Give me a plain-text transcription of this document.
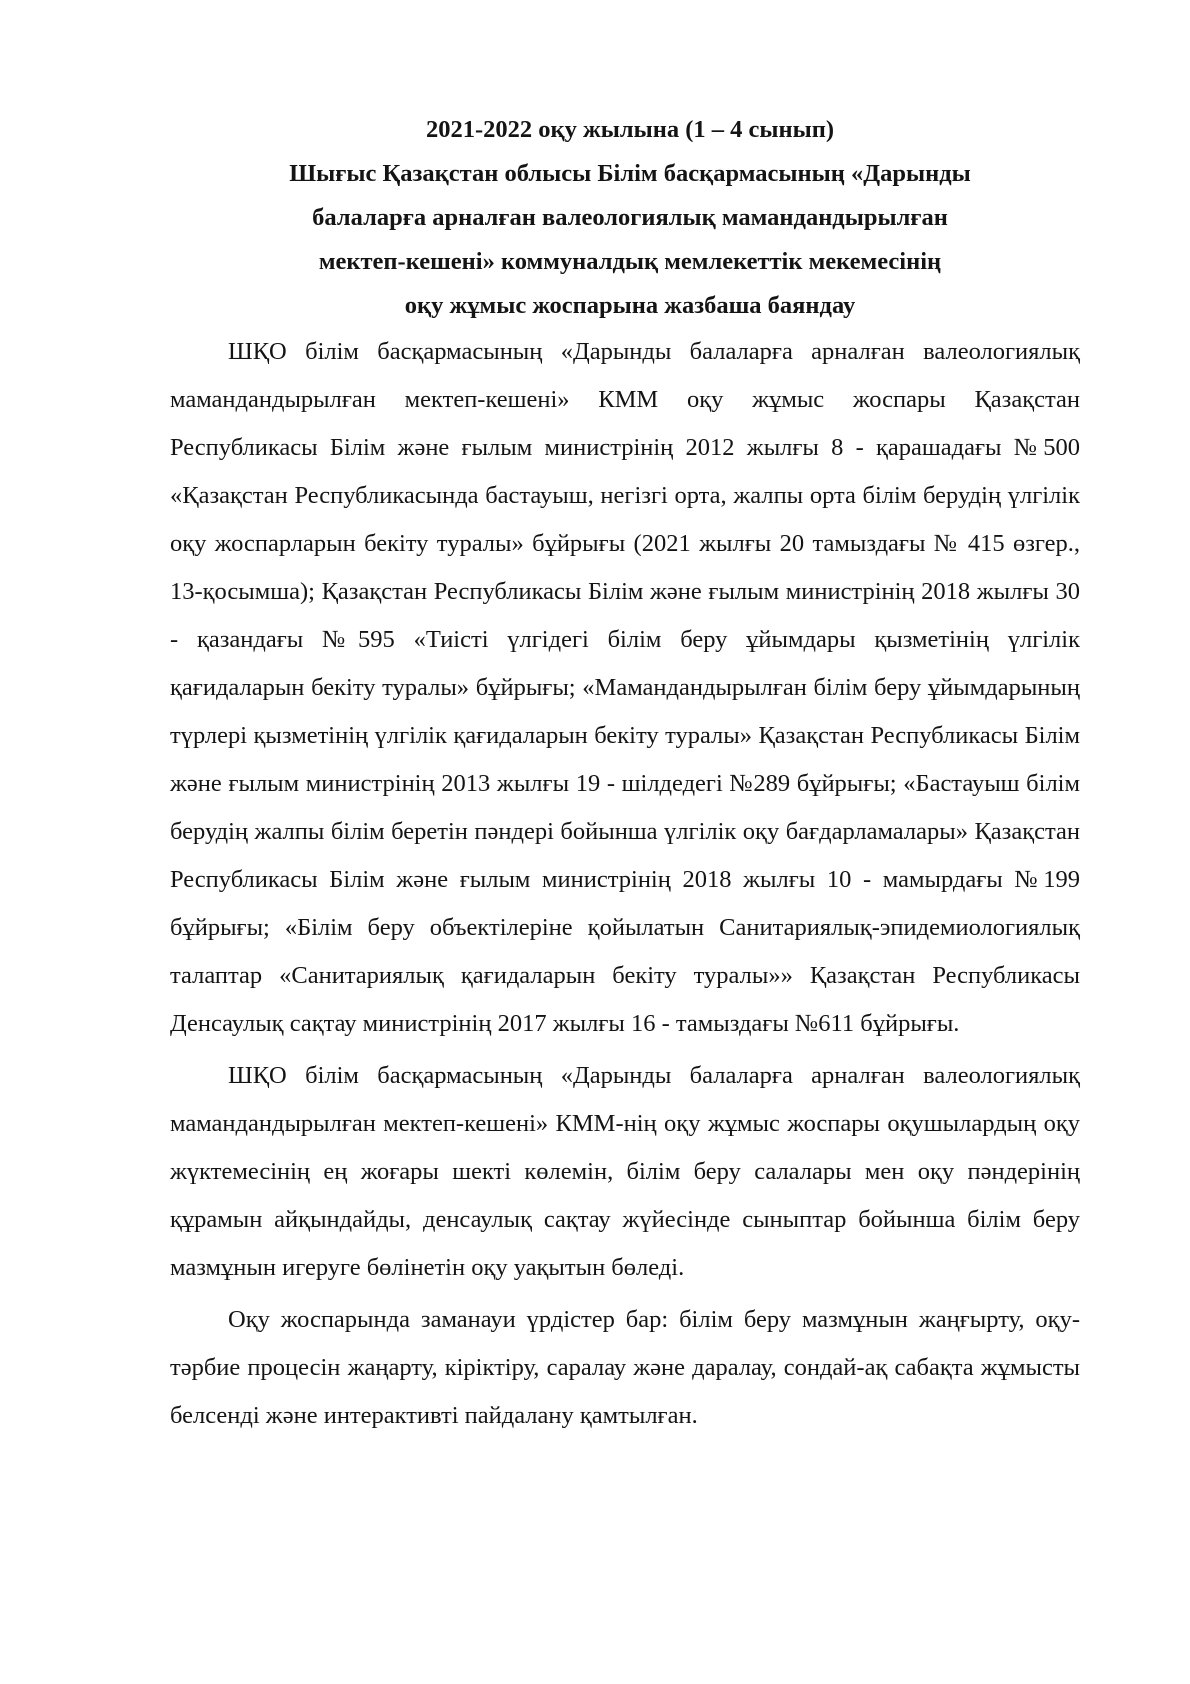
2021-2022 оқу жылына (1 – 4 сынып)
Шығыс Қазақстан облысы Білім басқармасының «Дарынды
балаларға арналған валеологиялық мамандандырылған
мектеп-кешені» коммуналдық мемлекеттік мекемесінің
оқу жұмыс жоспарына жазбаша баяндау

ШҚО білім басқармасының «Дарынды балаларға арналған валеологиялық мамандандырылған мектеп-кешені» КММ оқу жұмыс жоспары Қазақстан Республикасы Білім және ғылым министрінің 2012 жылғы 8 - қарашадағы №500 «Қазақстан Республикасында бастауыш, негізгі орта, жалпы орта білім берудің үлгілік оқу жоспарларын бекіту туралы» бұйрығы (2021 жылғы 20 тамыздағы № 415 өзгер., 13-қосымша); Қазақстан Республикасы Білім және ғылым министрінің 2018 жылғы 30 - қазандағы №595 «Тиісті үлгідегі білім беру ұйымдары қызметінің үлгілік қағидаларын бекіту туралы» бұйрығы; «Мамандандырылған білім беру ұйымдарының түрлері қызметінің үлгілік қағидаларын бекіту туралы» Қазақстан Республикасы Білім және ғылым министрінің 2013 жылғы 19 - шілдедегі №289 бұйрығы; «Бастауыш білім берудің жалпы білім беретін пәндері бойынша үлгілік оқу бағдарламалары» Қазақстан Республикасы Білім және ғылым министрінің 2018 жылғы 10 - мамырдағы №199 бұйрығы; «Білім беру объектілеріне қойылатын Санитариялық-эпидемиологиялық талаптар «Санитариялық қағидаларын бекіту туралы»» Қазақстан Республикасы Денсаулық сақтау министрінің 2017 жылғы 16 - тамыздағы №611 бұйрығы.

ШҚО білім басқармасының «Дарынды балаларға арналған валеологиялық мамандандырылған мектеп-кешені» КММ-нің оқу жұмыс жоспары оқушылардың оқу жүктемесінің ең жоғары шекті көлемін, білім беру салалары мен оқу пәндерінің құрамын айқындайды, денсаулық сақтау жүйесінде сыныптар бойынша білім беру мазмұнын игеруге бөлінетін оқу уақытын бөледі.

Оқу жоспарында заманауи үрдістер бар: білім беру мазмұнын жаңғырту, оқу-тәрбие процесін жаңарту, кіріктіру, саралау және даралау, сондай-ақ сабақта жұмысты белсенді және интерактивті пайдалану қамтылған.
